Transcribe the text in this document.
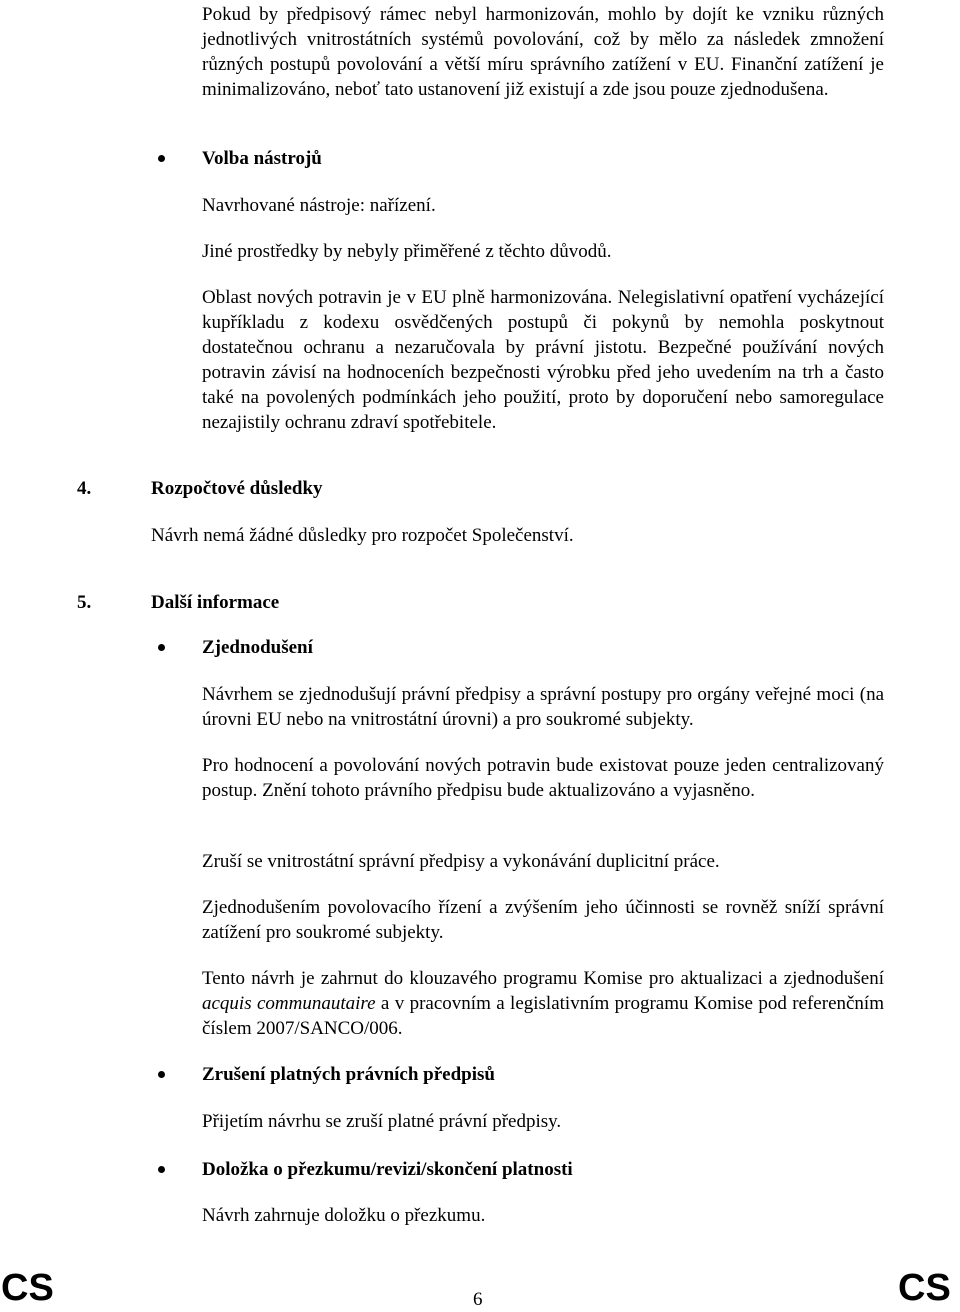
Pokud by předpisový rámec nebyl harmonizován, mohlo by dojít ke vzniku různých jednotlivých vnitrostátních systémů povolování, což by mělo za následek zmnožení různých postupů povolování a větší míru správního zatížení v EU. Finanční zatížení je minimalizováno, neboť tato ustanovení již existují a zde jsou pouze zjednodušena.
Volba nástrojů
Navrhované nástroje: nařízení.
Jiné prostředky by nebyly přiměřené z těchto důvodů.
Oblast nových potravin je v EU plně harmonizována. Nelegislativní opatření vycházející kupříkladu z kodexu osvědčených postupů či pokynů by nemohla poskytnout dostatečnou ochranu a nezaručovala by právní jistotu. Bezpečné používání nových potravin závisí na hodnoceních bezpečnosti výrobku před jeho uvedením na trh a často také na povolených podmínkách jeho použití, proto by doporučení nebo samoregulace nezajistily ochranu zdraví spotřebitele.
4.	Rozpočtové důsledky
Návrh nemá žádné důsledky pro rozpočet Společenství.
5.	Další informace
Zjednodušení
Návrhem se zjednodušují právní předpisy a správní postupy pro orgány veřejné moci (na úrovni EU nebo na vnitrostátní úrovni) a pro soukromé subjekty.
Pro hodnocení a povolování nových potravin bude existovat pouze jeden centralizovaný postup. Znění tohoto právního předpisu bude aktualizováno a vyjasněno.
Zruší se vnitrostátní správní předpisy a vykonávání duplicitní práce.
Zjednodušením povolovacího řízení a zvýšením jeho účinnosti se rovněž sníží správní zatížení pro soukromé subjekty.
Tento návrh je zahrnut do klouzavého programu Komise pro aktualizaci a zjednodušení acquis communautaire a v pracovním a legislativním programu Komise pod referenčním číslem 2007/SANCO/006.
Zrušení platných právních předpisů
Přijetím návrhu se zruší platné právní předpisy.
Doložka o přezkumu/revizi/skončení platnosti
Návrh zahrnuje doložku o přezkumu.
CS	6	CS
